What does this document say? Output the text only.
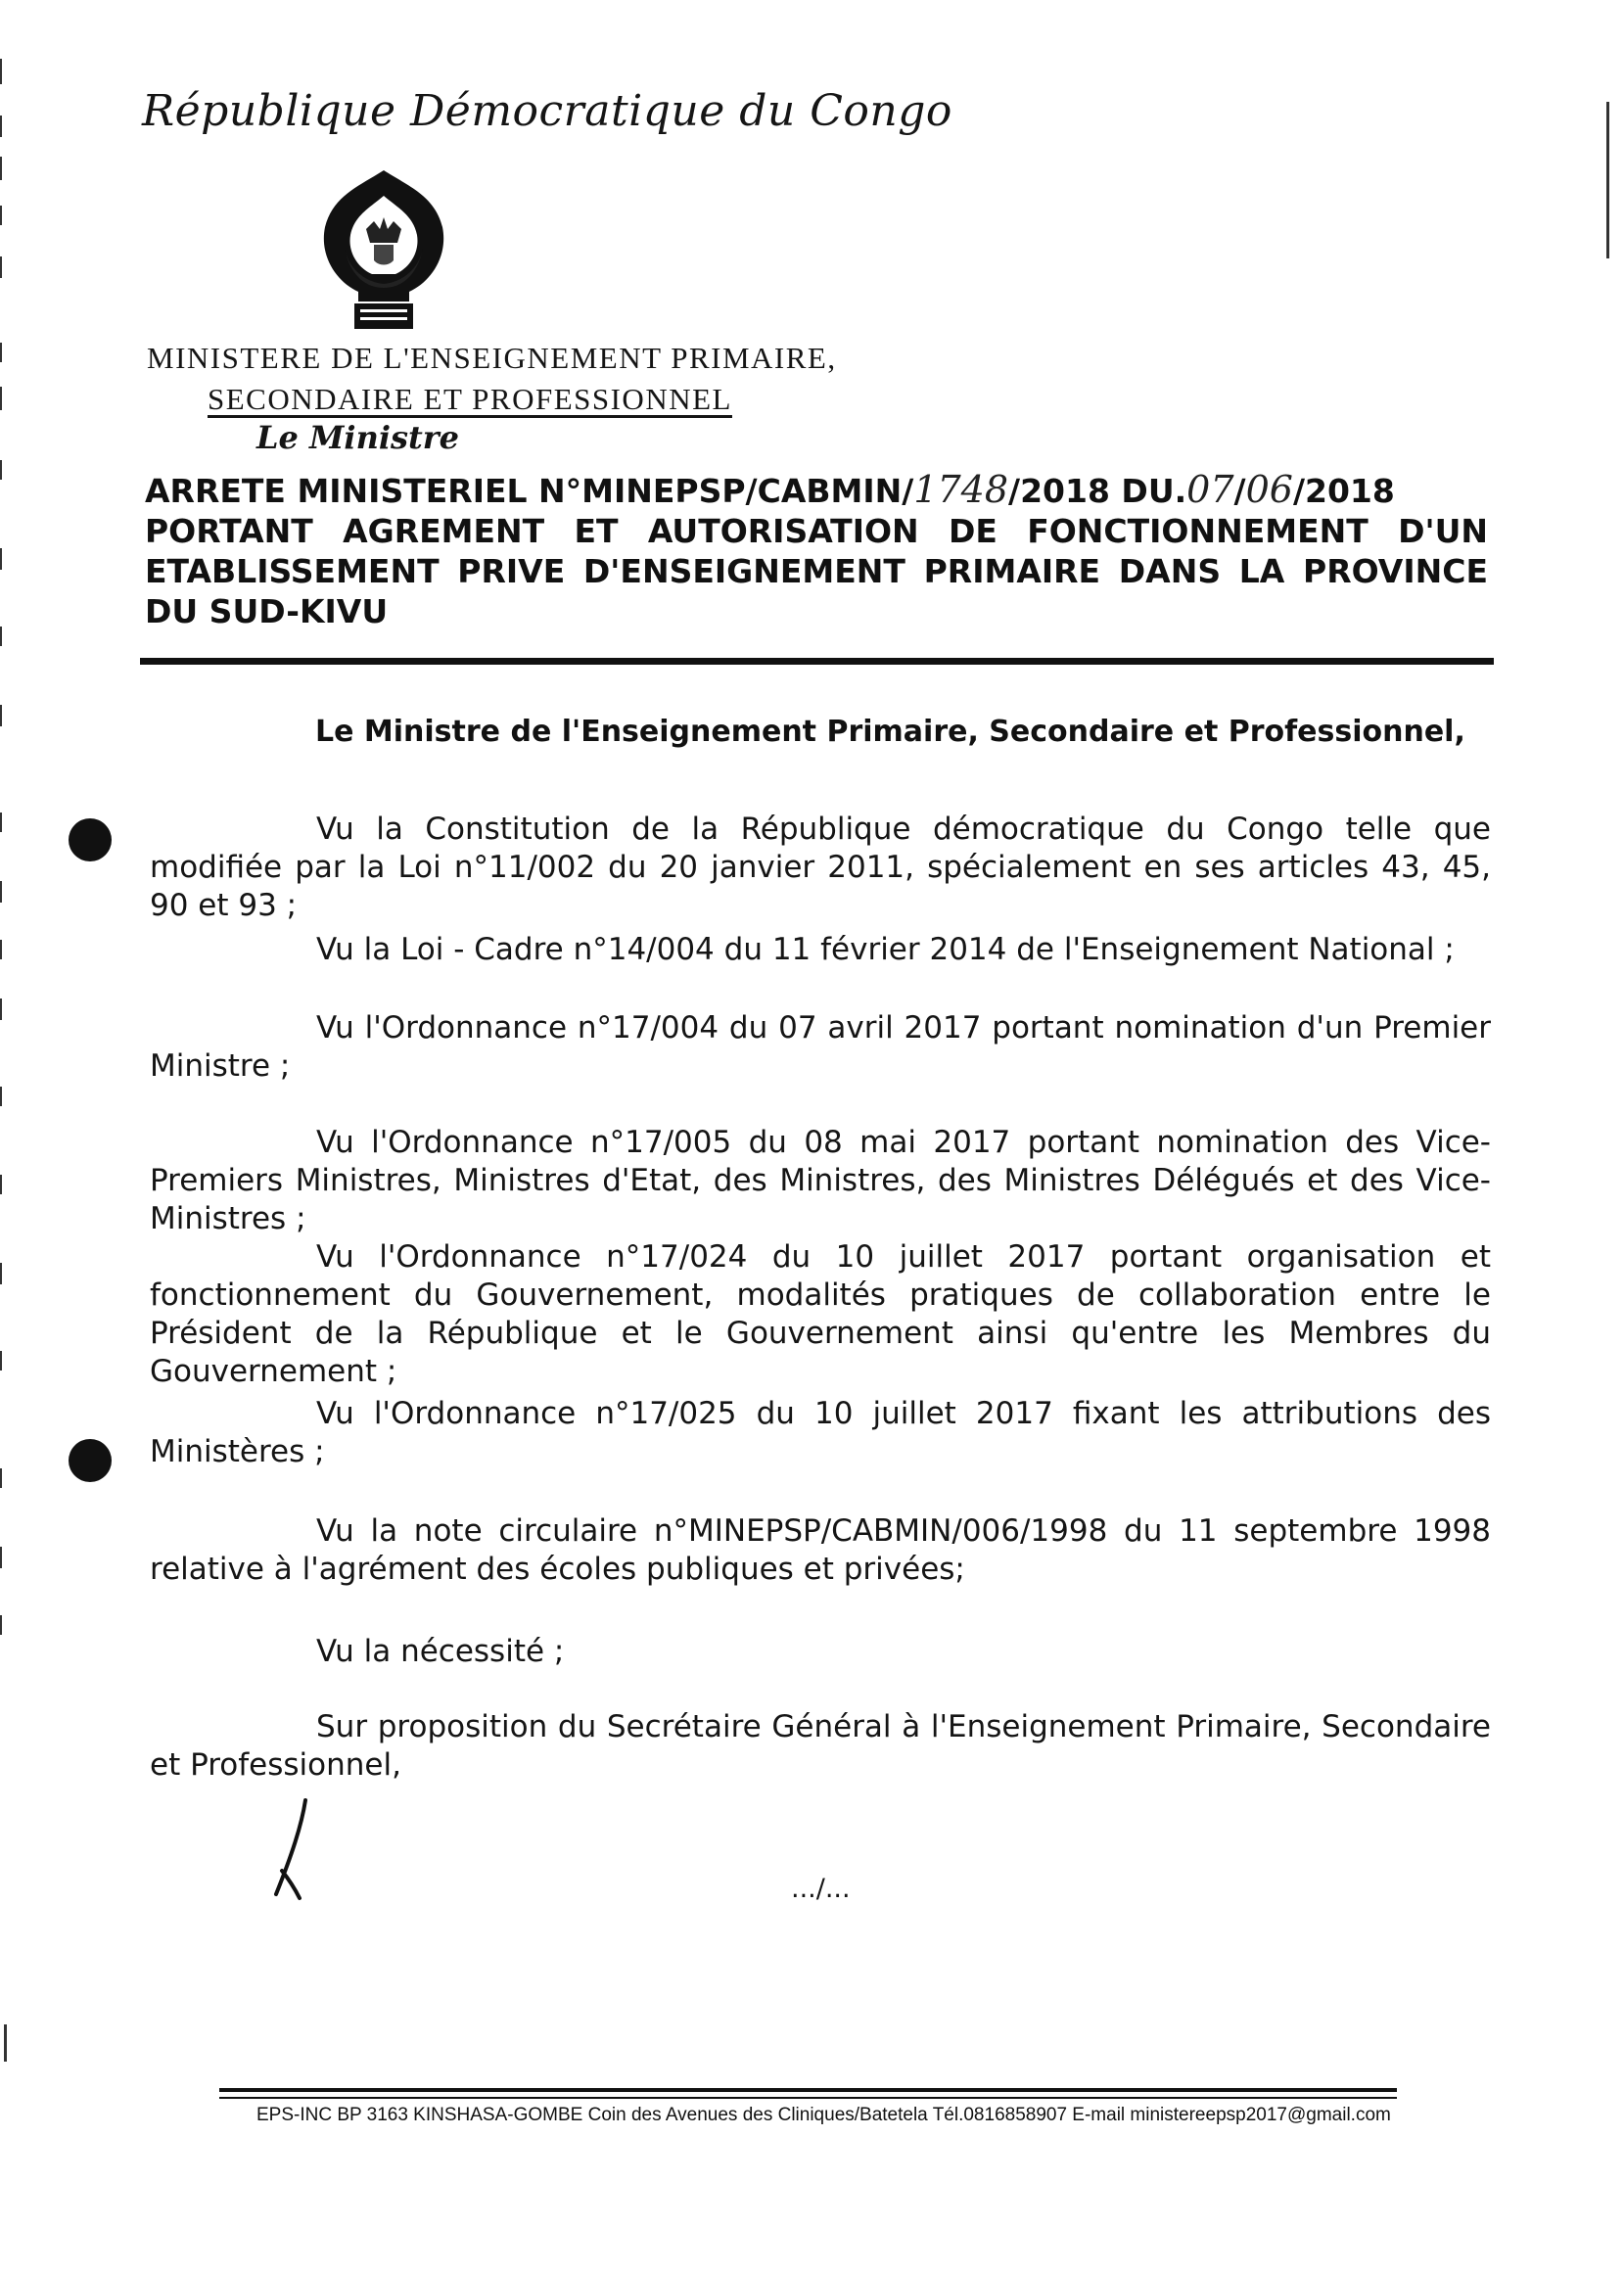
République Démocratique du Congo
MINISTERE DE L'ENSEIGNEMENT PRIMAIRE,
SECONDAIRE ET PROFESSIONNEL
Le Ministre
ARRETE MINISTERIEL N°MINEPSP/CABMIN/1748/2018 DU.07/06/2018
PORTANT AGREMENT ET AUTORISATION DE FONCTIONNEMENT D'UN ETABLISSEMENT PRIVE D'ENSEIGNEMENT PRIMAIRE DANS LA PROVINCE DU SUD-KIVU
Le Ministre de l'Enseignement Primaire, Secondaire et Professionnel,
Vu la Constitution de la République démocratique du Congo telle que modifiée par la Loi n°11/002 du 20 janvier 2011, spécialement en ses articles 43, 45, 90 et 93 ;
Vu la Loi - Cadre n°14/004 du 11 février 2014 de l'Enseignement National ;
Vu l'Ordonnance n°17/004 du 07 avril 2017 portant nomination d'un Premier Ministre ;
Vu l'Ordonnance n°17/005 du 08 mai 2017 portant nomination des Vice-Premiers Ministres, Ministres d'Etat, des Ministres, des Ministres Délégués et des Vice-Ministres ;
Vu l'Ordonnance n°17/024 du 10 juillet 2017 portant organisation et fonctionnement du Gouvernement, modalités pratiques de collaboration entre le Président de la République et le Gouvernement ainsi qu'entre les Membres du Gouvernement ;
Vu l'Ordonnance n°17/025 du 10 juillet 2017 fixant les attributions des Ministères ;
Vu la note circulaire n°MINEPSP/CABMIN/006/1998 du 11 septembre 1998 relative à l'agrément des écoles publiques et privées;
Vu la nécessité ;
Sur proposition du Secrétaire Général à l'Enseignement Primaire, Secondaire et Professionnel,
.../...
EPS-INC BP 3163 KINSHASA-GOMBE Coin des Avenues des Cliniques/Batetela Tél.0816858907 E-mail ministereepsp2017@gmail.com
